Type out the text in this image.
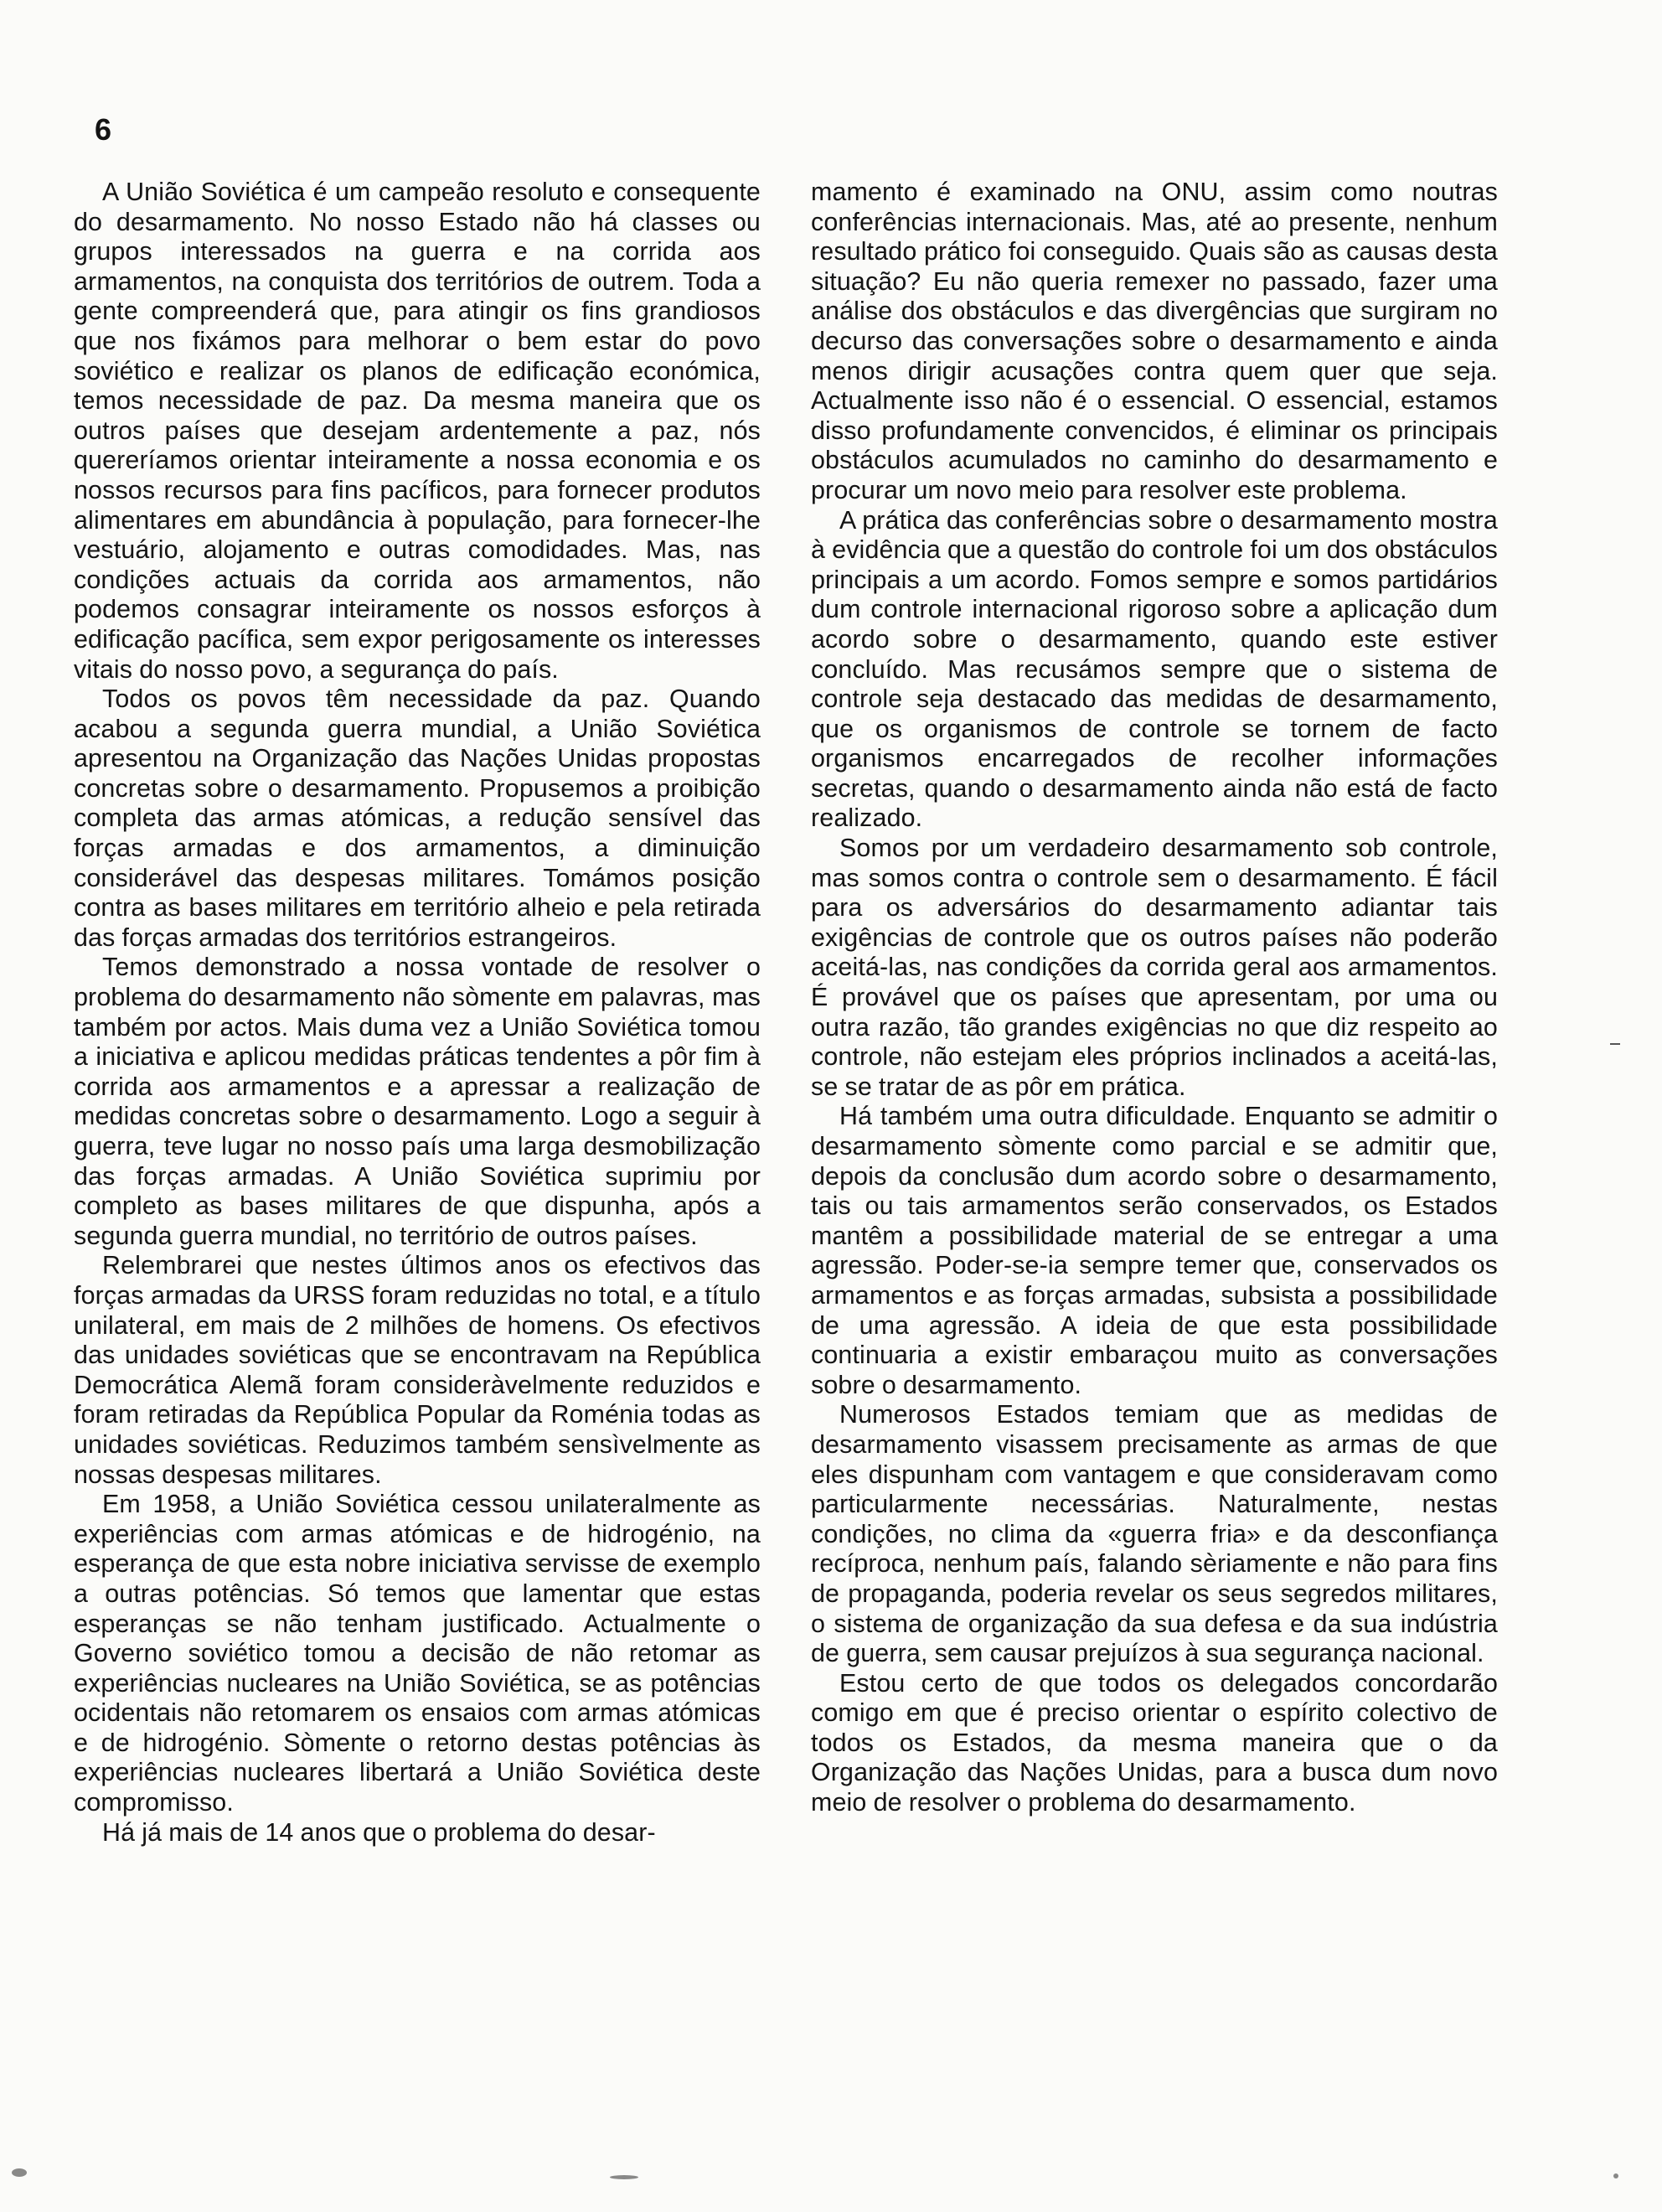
6

A União Soviética é um campeão resoluto e consequente do desarmamento. No nosso Estado não há classes ou grupos interessados na guerra e na corrida aos armamentos, na conquista dos territórios de outrem. Toda a gente compreenderá que, para atingir os fins grandiosos que nos fixámos para melhorar o bem estar do povo soviético e realizar os planos de edificação económica, temos necessidade de paz. Da mesma maneira que os outros países que desejam ardentemente a paz, nós quereríamos orientar inteiramente a nossa economia e os nossos recursos para fins pacíficos, para fornecer produtos alimentares em abundância à população, para fornecer-lhe vestuário, alojamento e outras comodidades. Mas, nas condições actuais da corrida aos armamentos, não podemos consagrar inteiramente os nossos esforços à edificação pacífica, sem expor perigosamente os interesses vitais do nosso povo, a segurança do país.

Todos os povos têm necessidade da paz. Quando acabou a segunda guerra mundial, a União Soviética apresentou na Organização das Nações Unidas propostas concretas sobre o desarmamento. Propusemos a proibição completa das armas atómicas, a redução sensível das forças armadas e dos armamentos, a diminuição considerável das despesas militares. Tomámos posição contra as bases militares em território alheio e pela retirada das forças armadas dos territórios estrangeiros.

Temos demonstrado a nossa vontade de resolver o problema do desarmamento não sòmente em palavras, mas também por actos. Mais duma vez a União Soviética tomou a iniciativa e aplicou medidas práticas tendentes a pôr fim à corrida aos armamentos e a apressar a realização de medidas concretas sobre o desarmamento. Logo a seguir à guerra, teve lugar no nosso país uma larga desmobilização das forças armadas. A União Soviética suprimiu por completo as bases militares de que dispunha, após a segunda guerra mundial, no território de outros países.

Relembrarei que nestes últimos anos os efectivos das forças armadas da URSS foram reduzidas no total, e a título unilateral, em mais de 2 milhões de homens. Os efectivos das unidades soviéticas que se encontravam na República Democrática Alemã foram consideràvelmente reduzidos e foram retiradas da República Popular da Roménia todas as unidades soviéticas. Reduzimos também sensìvelmente as nossas despesas militares.

Em 1958, a União Soviética cessou unilateralmente as experiências com armas atómicas e de hidrogénio, na esperança de que esta nobre iniciativa servisse de exemplo a outras potências. Só temos que lamentar que estas esperanças se não tenham justificado. Actualmente o Governo soviético tomou a decisão de não retomar as experiências nucleares na União Soviética, se as potências ocidentais não retomarem os ensaios com armas atómicas e de hidrogénio. Sòmente o retorno destas potências às experiências nucleares libertará a União Soviética deste compromisso.

Há já mais de 14 anos que o problema do desar-

mamento é examinado na ONU, assim como noutras conferências internacionais. Mas, até ao presente, nenhum resultado prático foi conseguido. Quais são as causas desta situação? Eu não queria remexer no passado, fazer uma análise dos obstáculos e das divergências que surgiram no decurso das conversações sobre o desarmamento e ainda menos dirigir acusações contra quem quer que seja. Actualmente isso não é o essencial. O essencial, estamos disso profundamente convencidos, é eliminar os principais obstáculos acumulados no caminho do desarmamento e procurar um novo meio para resolver este problema.

A prática das conferências sobre o desarmamento mostra à evidência que a questão do controle foi um dos obstáculos principais a um acordo. Fomos sempre e somos partidários dum controle internacional rigoroso sobre a aplicação dum acordo sobre o desarmamento, quando este estiver concluído. Mas recusámos sempre que o sistema de controle seja destacado das medidas de desarmamento, que os organismos de controle se tornem de facto organismos encarregados de recolher informações secretas, quando o desarmamento ainda não está de facto realizado.

Somos por um verdadeiro desarmamento sob controle, mas somos contra o controle sem o desarmamento. É fácil para os adversários do desarmamento adiantar tais exigências de controle que os outros países não poderão aceitá-las, nas condições da corrida geral aos armamentos. É provável que os países que apresentam, por uma ou outra razão, tão grandes exigências no que diz respeito ao controle, não estejam eles próprios inclinados a aceitá-las, se se tratar de as pôr em prática.

Há também uma outra dificuldade. Enquanto se admitir o desarmamento sòmente como parcial e se admitir que, depois da conclusão dum acordo sobre o desarmamento, tais ou tais armamentos serão conservados, os Estados mantêm a possibilidade material de se entregar a uma agressão. Poder-se-ia sempre temer que, conservados os armamentos e as forças armadas, subsista a possibilidade de uma agressão. A ideia de que esta possibilidade continuaria a existir embaraçou muito as conversações sobre o desarmamento.

Numerosos Estados temiam que as medidas de desarmamento visassem precisamente as armas de que eles dispunham com vantagem e que consideravam como particularmente necessárias. Naturalmente, nestas condições, no clima da «guerra fria» e da desconfiança recíproca, nenhum país, falando sèriamente e não para fins de propaganda, poderia revelar os seus segredos militares, o sistema de organização da sua defesa e da sua indústria de guerra, sem causar prejuízos à sua segurança nacional.

Estou certo de que todos os delegados concordarão comigo em que é preciso orientar o espírito colectivo de todos os Estados, da mesma maneira que o da Organização das Nações Unidas, para a busca dum novo meio de resolver o problema do desarmamento.
